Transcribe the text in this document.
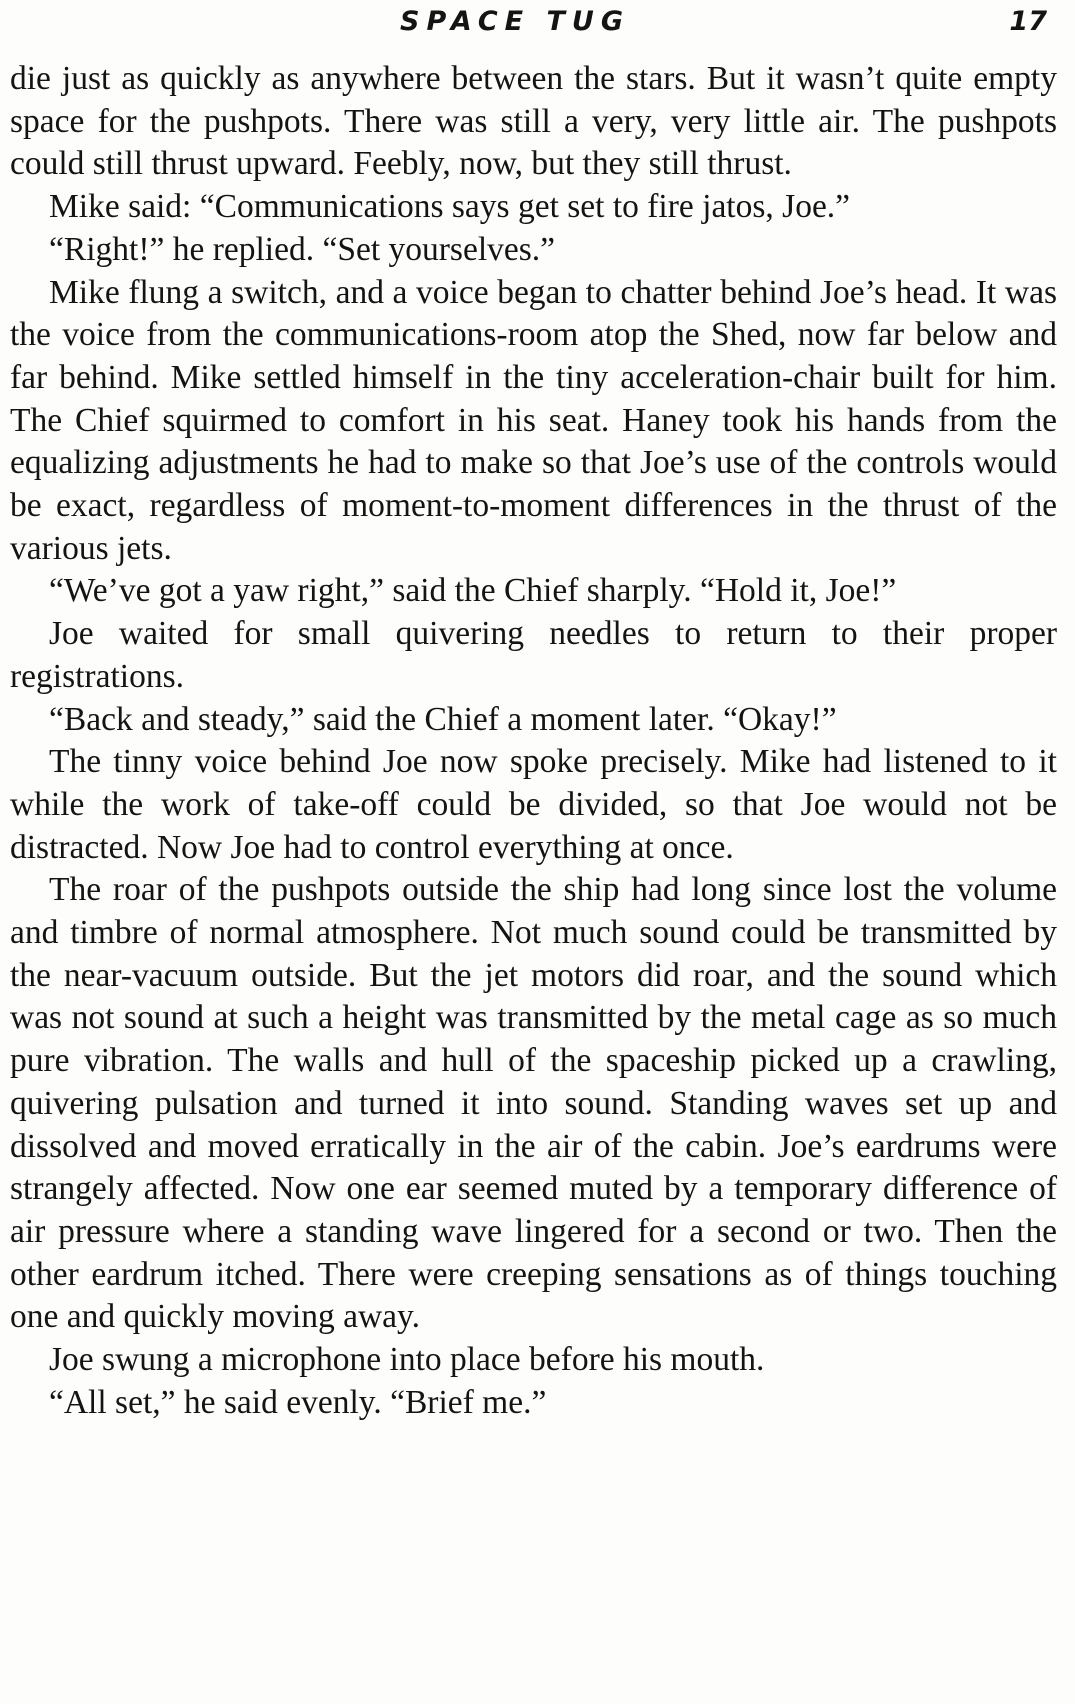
SPACE TUG	17

die just as quickly as anywhere between the stars. But it wasn’t quite empty space for the pushpots. There was still a very, very little air. The pushpots could still thrust upward. Feebly, now, but they still thrust.

Mike said: “Communications says get set to fire jatos, Joe.”

“Right!” he replied. “Set yourselves.”

Mike flung a switch, and a voice began to chatter behind Joe’s head. It was the voice from the communications-room atop the Shed, now far below and far behind. Mike settled himself in the tiny acceleration-chair built for him. The Chief squirmed to comfort in his seat. Haney took his hands from the equalizing adjustments he had to make so that Joe’s use of the controls would be exact, regardless of moment-to-moment differences in the thrust of the various jets.

“We’ve got a yaw right,” said the Chief sharply. “Hold it, Joe!”

Joe waited for small quivering needles to return to their proper registrations.

“Back and steady,” said the Chief a moment later. “Okay!”

The tinny voice behind Joe now spoke precisely. Mike had listened to it while the work of take-off could be divided, so that Joe would not be distracted. Now Joe had to control everything at once.

The roar of the pushpots outside the ship had long since lost the volume and timbre of normal atmosphere. Not much sound could be transmitted by the near-vacuum outside. But the jet motors did roar, and the sound which was not sound at such a height was transmitted by the metal cage as so much pure vibration. The walls and hull of the spaceship picked up a crawling, quivering pulsation and turned it into sound. Standing waves set up and dissolved and moved erratically in the air of the cabin. Joe’s eardrums were strangely affected. Now one ear seemed muted by a temporary difference of air pressure where a standing wave lingered for a second or two. Then the other eardrum itched. There were creeping sensations as of things touching one and quickly moving away.

Joe swung a microphone into place before his mouth.

“All set,” he said evenly. “Brief me.”
